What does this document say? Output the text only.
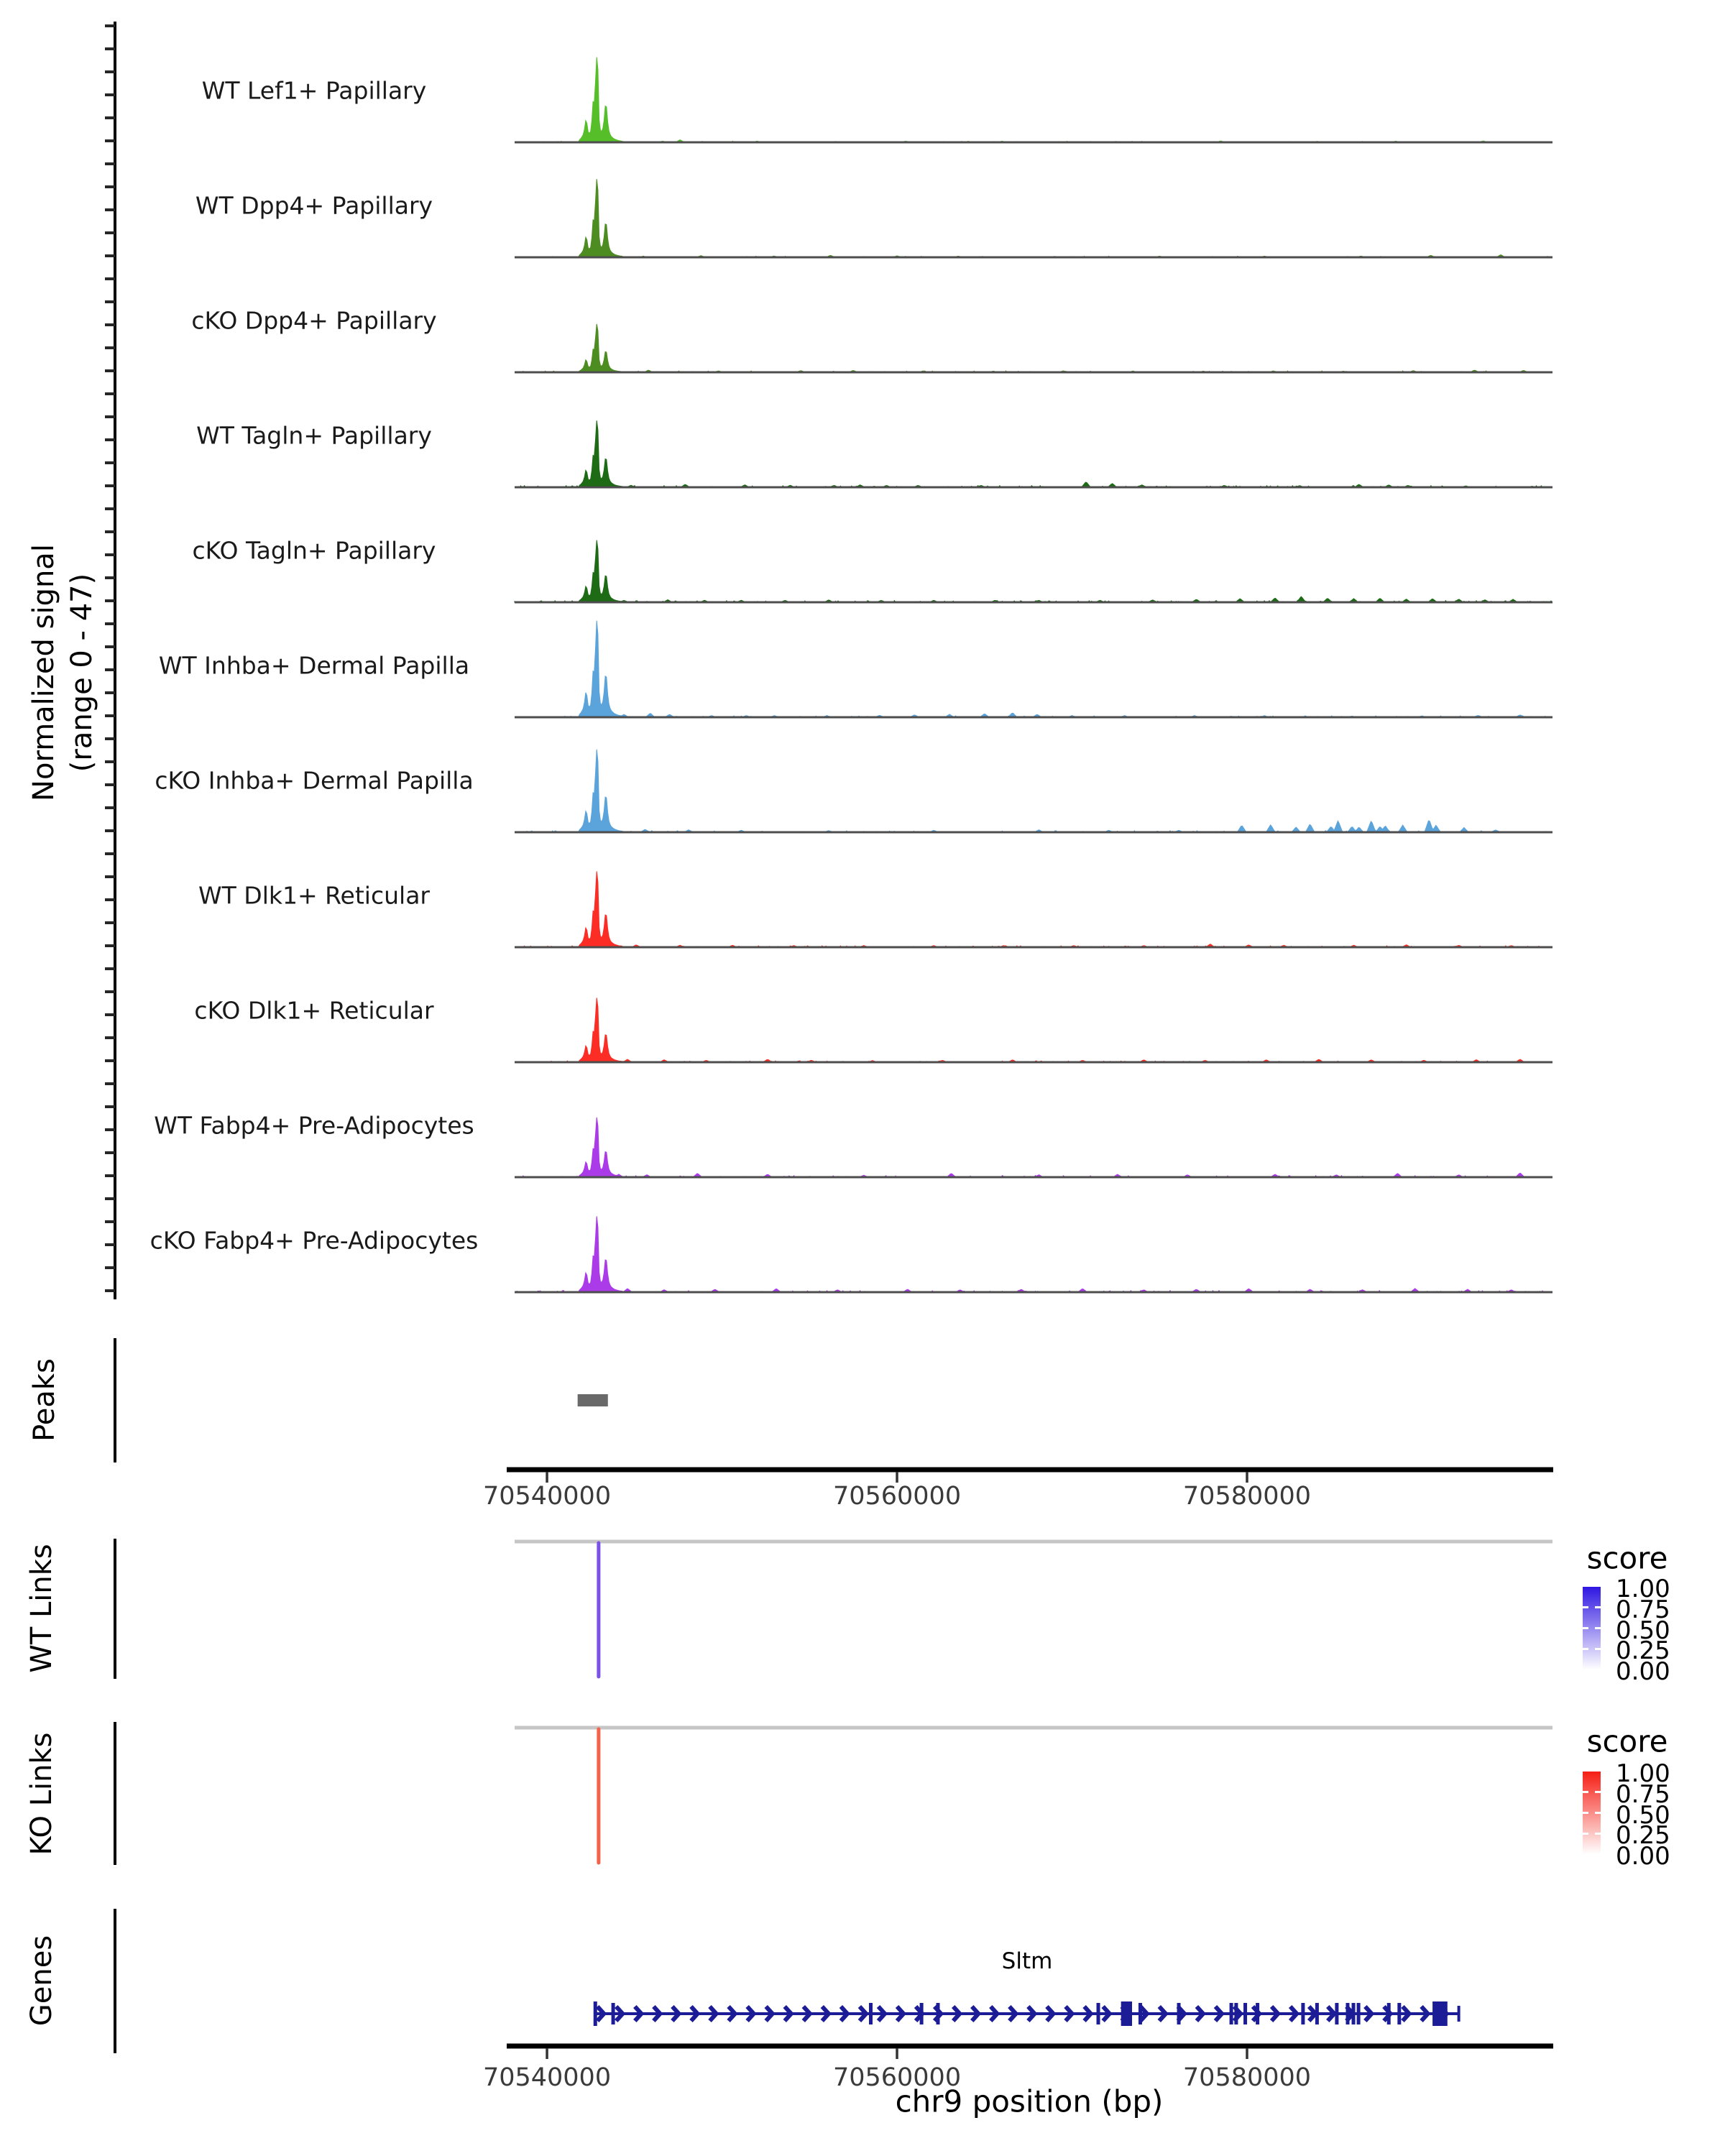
Normalized signal (range 0 - 47)
Peaks
WT Links
KO Links
Genes	Sltm
chr9 position (bp)
score
score
WT Lef1+ Papillary
WT Dpp4+ Papillary
cKO Dpp4+ Papillary
WT Tagln+ Papillary
cKO Tagln+ Papillary
WT Inhba+ Dermal Papilla
cKO Inhba+ Dermal Papilla
WT Dlk1+ Reticular
cKO Dlk1+ Reticular
WT Fabp4+ Pre-Adipocytes
cKO Fabp4+ Pre-Adipocytes
70540000	70560000	70580000
70540000	70560000	70580000
1.00
0.75
0.50
0.25
0.00
1.00
0.75
0.50
0.25
0.00
